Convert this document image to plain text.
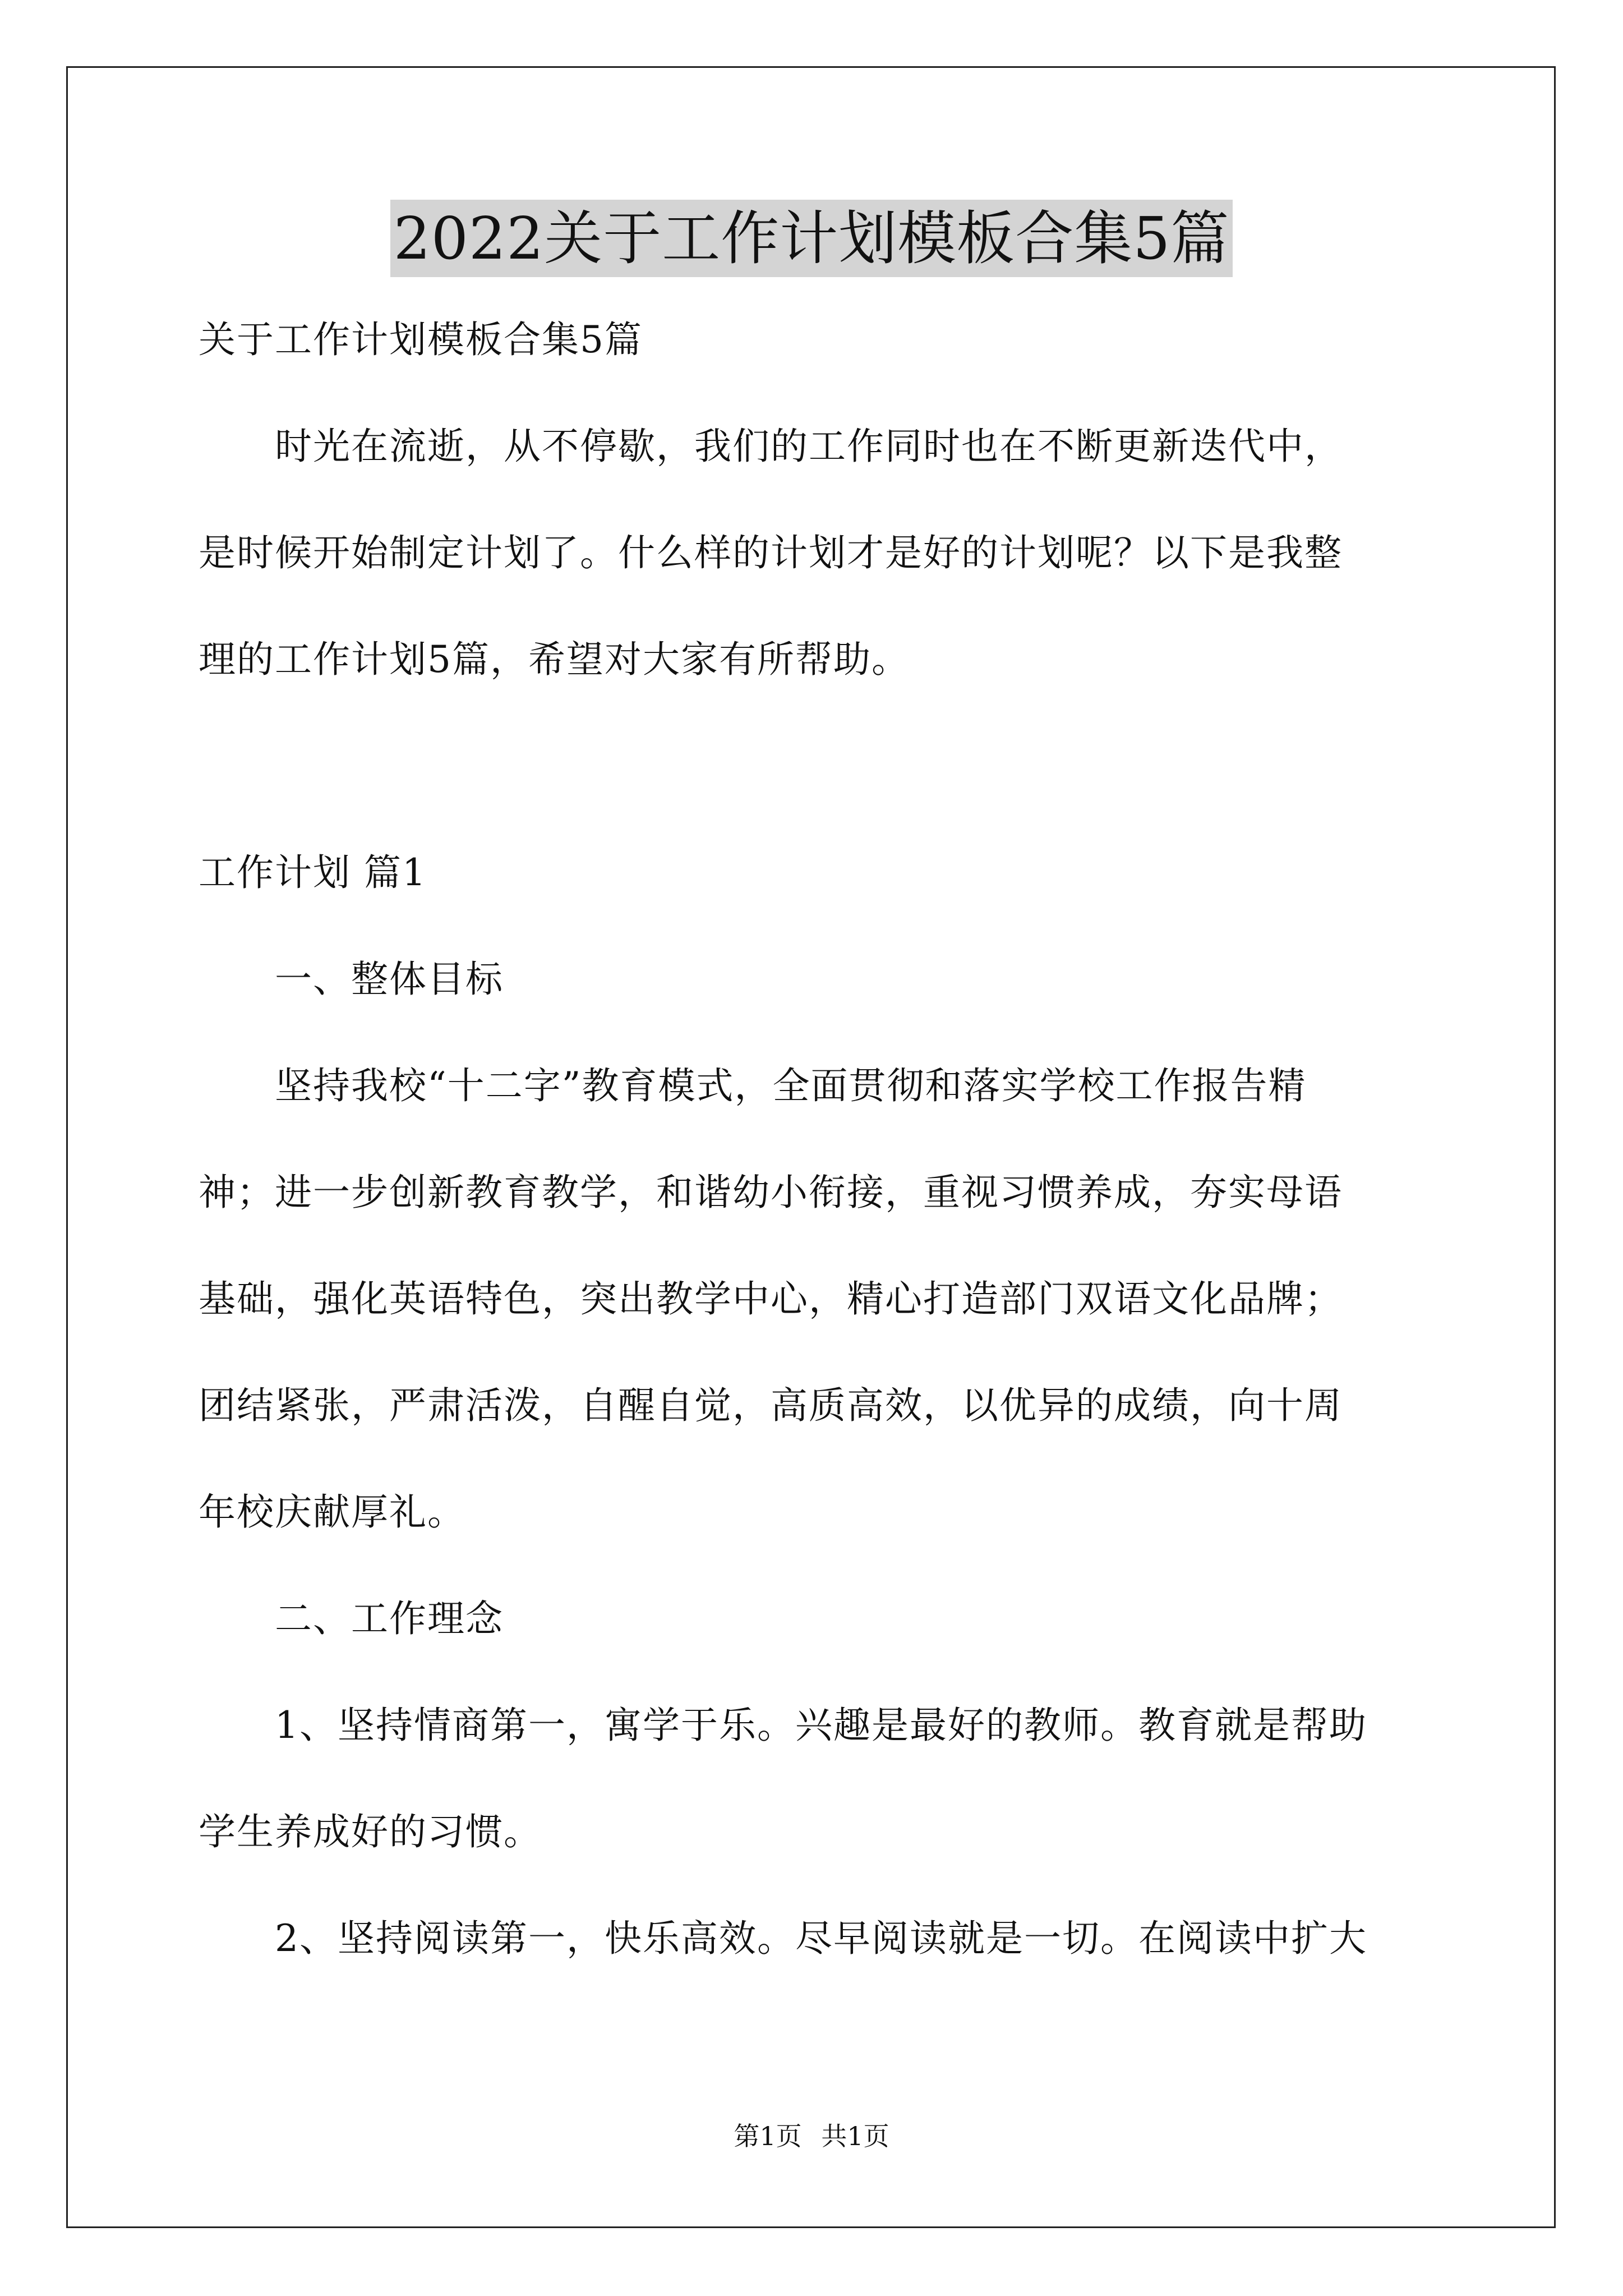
2022关于工作计划模板合集5篇
关于工作计划模板合集5篇
　　时光在流逝，从不停歇，我们的工作同时也在不断更新迭代中，
是时候开始制定计划了。什么样的计划才是好的计划呢？以下是我整
理的工作计划5篇，希望对大家有所帮助。
工作计划 篇1
　　一、整体目标
　　坚持我校“十二字”教育模式，全面贯彻和落实学校工作报告精
神；进一步创新教育教学，和谐幼小衔接，重视习惯养成，夯实母语
基础，强化英语特色，突出教学中心，精心打造部门双语文化品牌；
团结紧张，严肃活泼，自醒自觉，高质高效，以优异的成绩，向十周
年校庆献厚礼。
　　二、工作理念
　　1、坚持情商第一，寓学于乐。兴趣是最好的教师。教育就是帮助
学生养成好的习惯。
　　2、坚持阅读第一，快乐高效。尽早阅读就是一切。在阅读中扩大
第1页 共1页
